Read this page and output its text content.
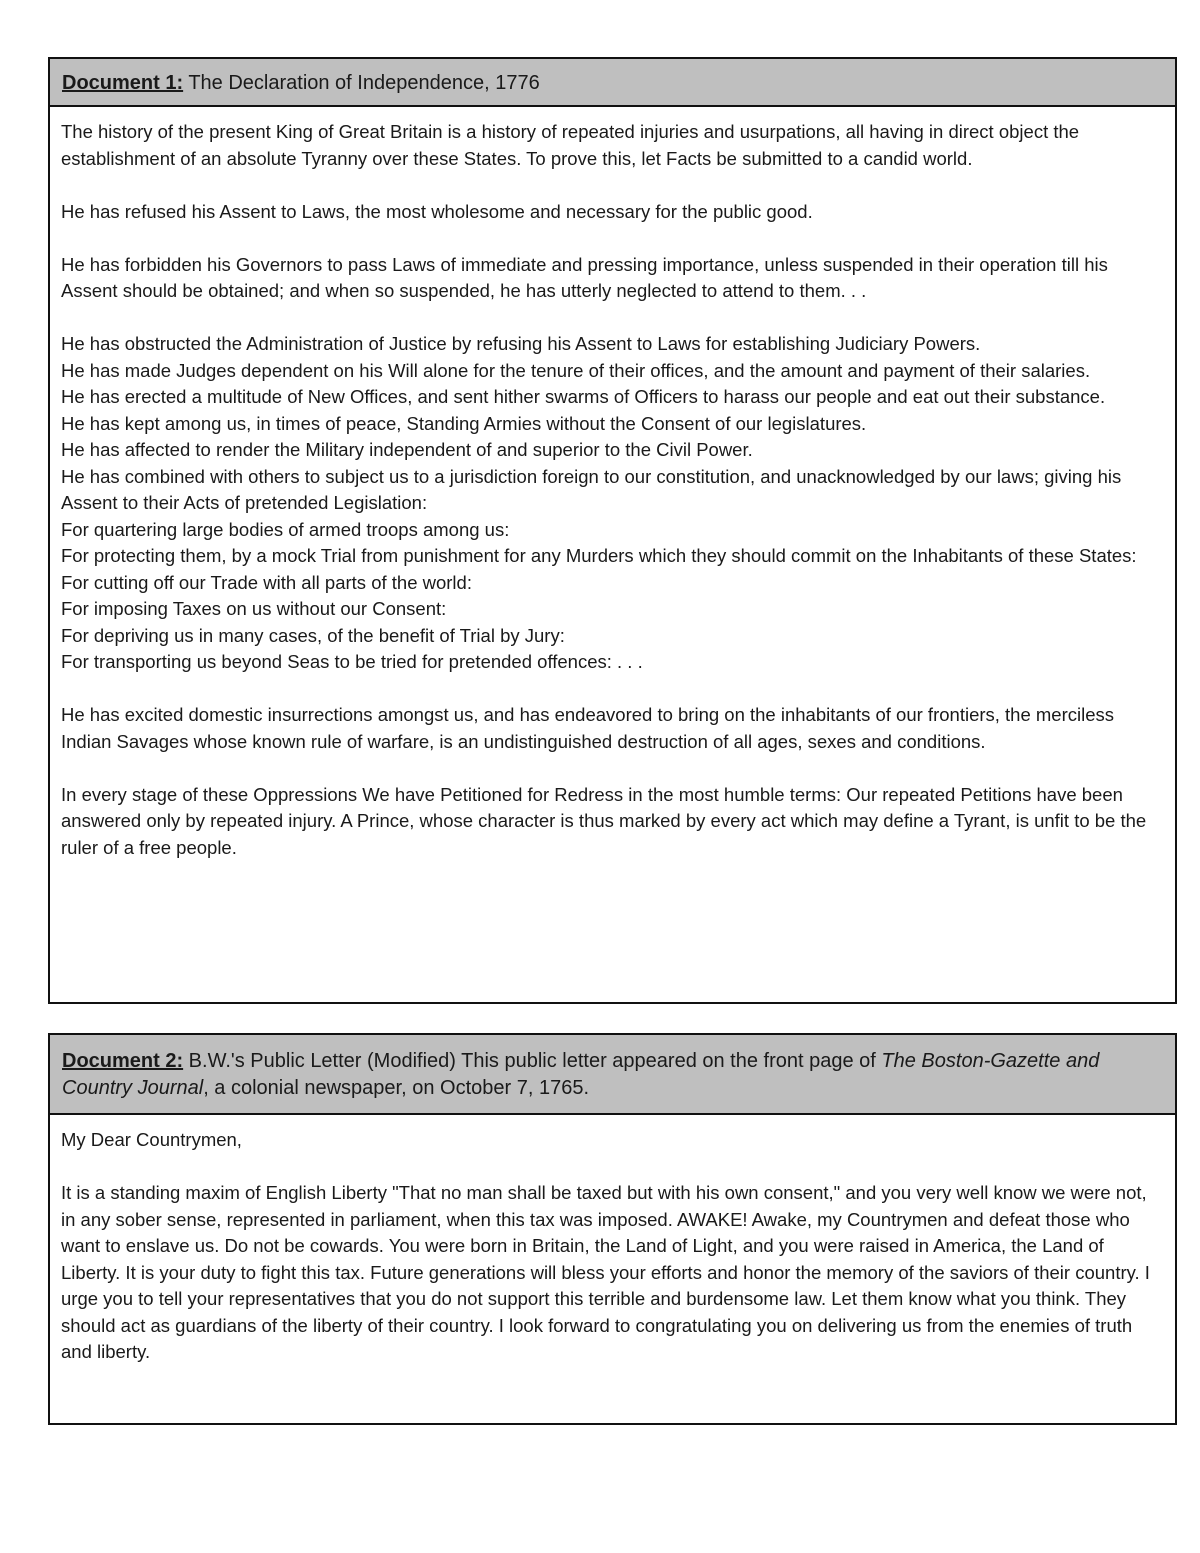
Document 1: The Declaration of Independence, 1776

The history of the present King of Great Britain is a history of repeated injuries and usurpations, all having in direct object the establishment of an absolute Tyranny over these States. To prove this, let Facts be submitted to a candid world.

He has refused his Assent to Laws, the most wholesome and necessary for the public good.

He has forbidden his Governors to pass Laws of immediate and pressing importance, unless suspended in their operation till his Assent should be obtained; and when so suspended, he has utterly neglected to attend to them. . .

He has obstructed the Administration of Justice by refusing his Assent to Laws for establishing Judiciary Powers.

He has made Judges dependent on his Will alone for the tenure of their offices, and the amount and payment of their salaries.

He has erected a multitude of New Offices, and sent hither swarms of Officers to harass our people and eat out their substance.

He has kept among us, in times of peace, Standing Armies without the Consent of our legislatures.

He has affected to render the Military independent of and superior to the Civil Power.

He has combined with others to subject us to a jurisdiction foreign to our constitution, and unacknowledged by our laws; giving his Assent to their Acts of pretended Legislation:

For quartering large bodies of armed troops among us:

For protecting them, by a mock Trial from punishment for any Murders which they should commit on the Inhabitants of these States:

For cutting off our Trade with all parts of the world:

For imposing Taxes on us without our Consent:

For depriving us in many cases, of the benefit of Trial by Jury:

For transporting us beyond Seas to be tried for pretended offences: . . .

He has excited domestic insurrections amongst us, and has endeavored to bring on the inhabitants of our frontiers, the merciless Indian Savages whose known rule of warfare, is an undistinguished destruction of all ages, sexes and conditions.

In every stage of these Oppressions We have Petitioned for Redress in the most humble terms: Our repeated Petitions have been answered only by repeated injury. A Prince, whose character is thus marked by every act which may define a Tyrant, is unfit to be the ruler of a free people.

Document 2: B.W.'s Public Letter (Modified) This public letter appeared on the front page of The Boston-Gazette and Country Journal, a colonial newspaper, on October 7, 1765.

My Dear Countrymen,

It is a standing maxim of English Liberty "That no man shall be taxed but with his own consent," and you very well know we were not, in any sober sense, represented in parliament, when this tax was imposed. AWAKE! Awake, my Countrymen and defeat those who want to enslave us. Do not be cowards. You were born in Britain, the Land of Light, and you were raised in America, the Land of Liberty. It is your duty to fight this tax. Future generations will bless your efforts and honor the memory of the saviors of their country. I urge you to tell your representatives that you do not support this terrible and burdensome law. Let them know what you think. They should act as guardians of the liberty of their country. I look forward to congratulating you on delivering us from the enemies of truth and liberty.
